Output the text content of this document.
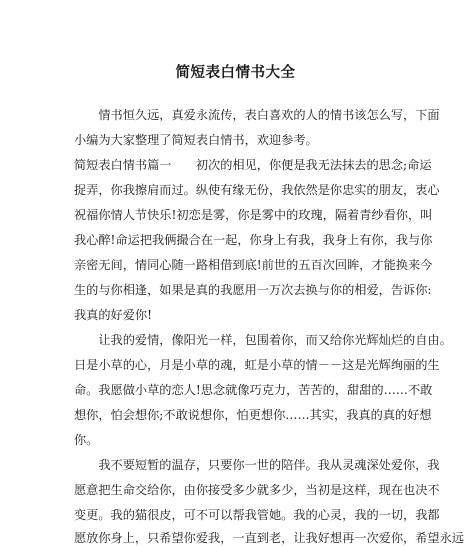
简短表白情书大全
　　情书恒久远，真爱永流传，表白喜欢的人的情书该怎么写，下面
小编为大家整理了简短表白情书，欢迎参考。
简短表白情书篇一　　初次的相见，你便是我无法抹去的思念;命运
捉弄，你我擦肩而过。纵使有缘无份，我依然是你忠实的朋友，衷心
祝福你情人节快乐!初恋是雾，你是雾中的玫瑰，隔着青纱看你，叫
我心醉!命运把我俩撮合在一起，你身上有我，我身上有你，我与你
亲密无间，情同心随一路相借到底!前世的五百次回眸，才能换来今
生的与你相逢，如果是真的我愿用一万次去换与你的相爱，告诉你:
我真的好爱你!
　　让我的爱情，像阳光一样，包围着你，而又给你光辉灿烂的自由。
日是小草的心，月是小草的魂，虹是小草的情－－这是光辉绚丽的生
命。我愿做小草的恋人!思念就像巧克力，苦苦的，甜甜的……不敢
想你，怕会想你;不敢说想你，怕更想你……其实，我真的真的好想
你。
　　我不要短暂的温存，只要你一世的陪伴。我从灵魂深处爱你，我
愿意把生命交给你，由你接受多少就多少，当初是这样，现在也决不
变更。我的猫很皮，可不可以帮我管她。我的心灵，我的一切，我都
愿放你身上，只希望你爱我，一直到老，让我好想再一次爱你，希望永远
